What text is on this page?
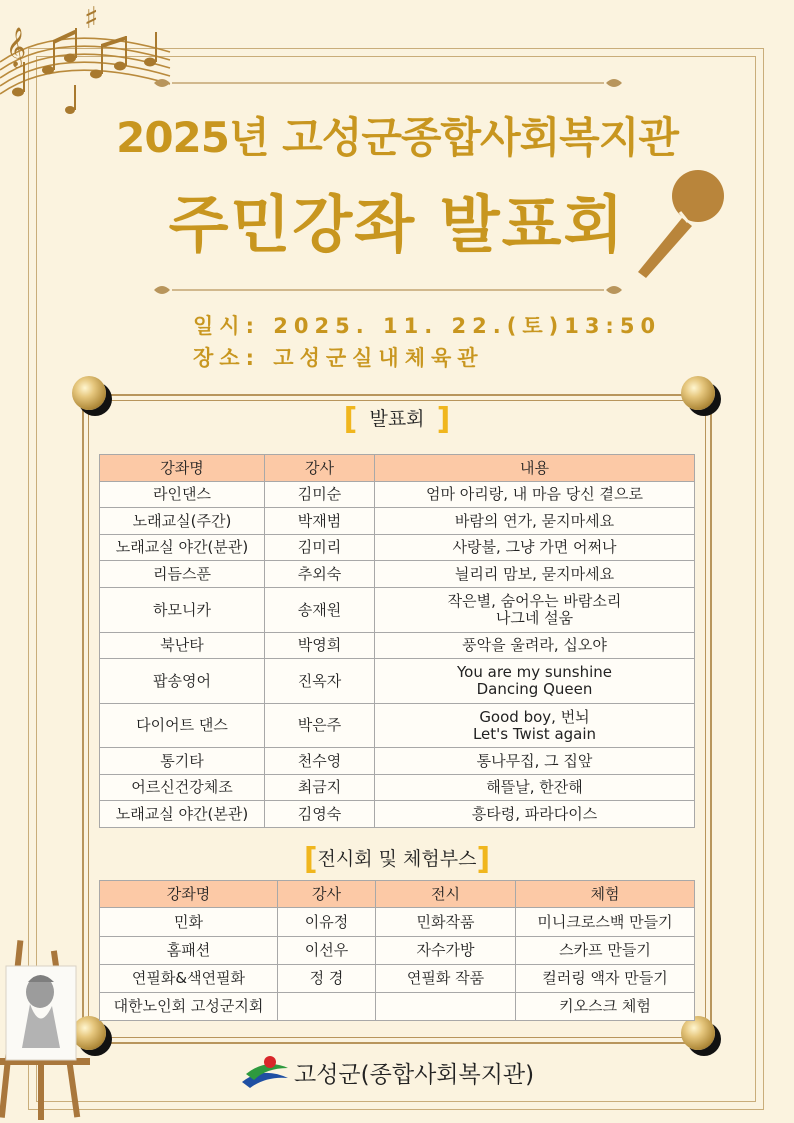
♯
𝄞
2025년 고성군종합사회복지관
주민강좌 발표회
일시: 2025. 11. 22.(토)13:50
장소: 고성군실내체육관
[ 발표회 ]
강좌명	강사	내용
라인댄스	김미순	엄마 아리랑, 내 마음 당신 곁으로
노래교실(주간)	박재범	바람의 연가, 묻지마세요
노래교실 야간(분관)	김미리	사랑불, 그냥 가면 어쩌나
리듬스푼	추외숙	늴리리 맘보, 묻지마세요
하모니카	송재원	작은별, 숨어우는 바람소리
나그네 설움

북난타	박영희	풍악을 울려라, 십오야
팝송영어	진옥자	You are my sunshine
Dancing Queen

다이어트 댄스	박은주	Good boy, 번뇌
Let's Twist again

통기타	천수영	통나무집, 그 집앞
어르신건강체조	최금지	해뜰날, 한잔해
노래교실 야간(본관)	김영숙	흥타령, 파라다이스
[전시회 및 체험부스]
강좌명	강사	전시	체험
민화	이유정	민화작품	미니크로스백 만들기
홈패션	이선우	자수가방	스카프 만들기
연필화&색연필화	정 경	연필화 작품	컬러링 액자 만들기
대한노인회 고성군지회			키오스크 체험
고성군(종합사회복지관)
